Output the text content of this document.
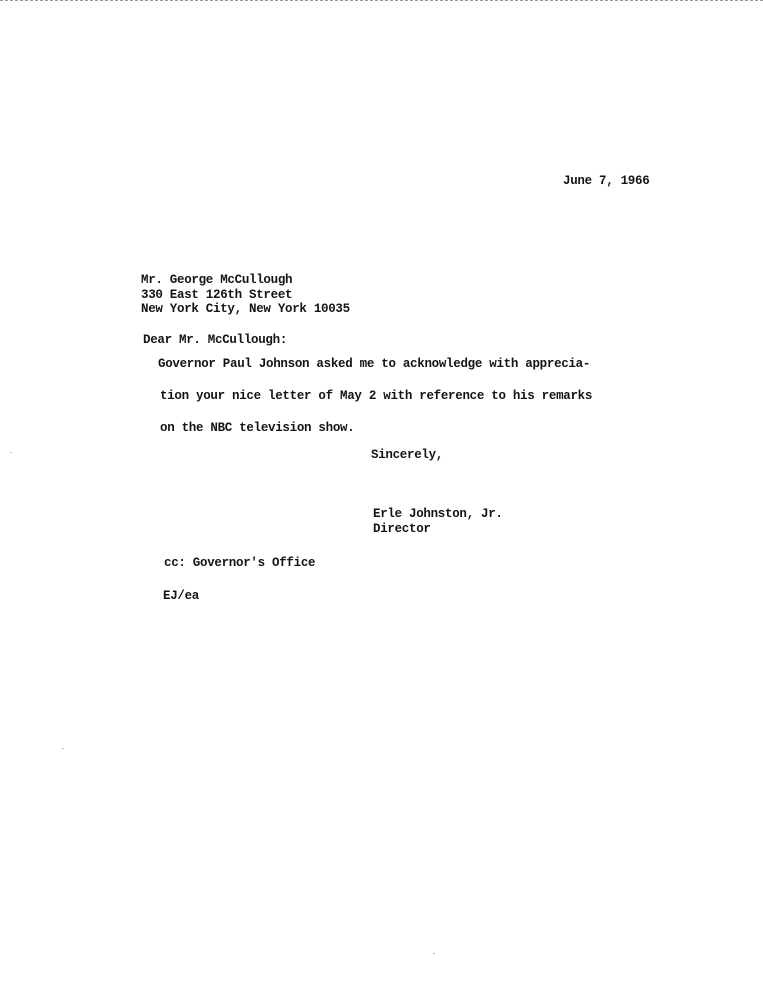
June 7, 1966
Mr. George McCullough
330 East 126th Street
New York City, New York 10035
Dear Mr. McCullough:
Governor Paul Johnson asked me to acknowledge with apprecia-
tion your nice letter of May 2 with reference to his remarks
on the NBC television show.
Sincerely,
Erle Johnston, Jr.
Director
cc: Governor's Office
EJ/ea
